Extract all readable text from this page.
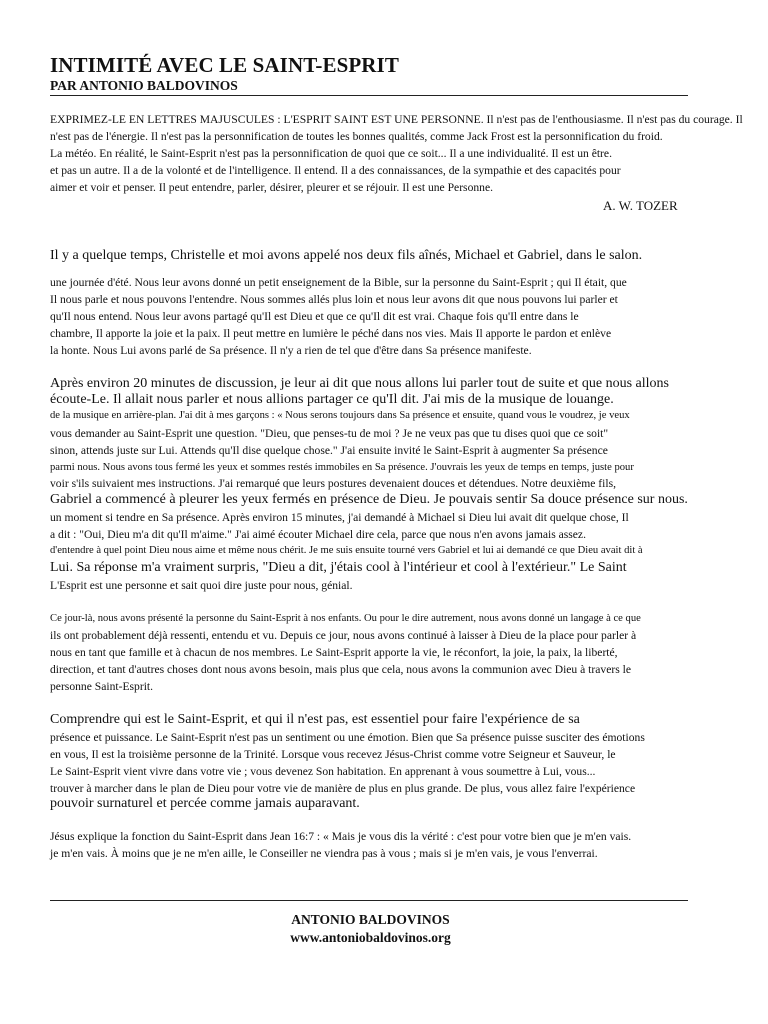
INTIMITÉ AVEC LE SAINT-ESPRIT
PAR ANTONIO BALDOVINOS
EXPRIMEZ-LE EN LETTRES MAJUSCULES : L'ESPRIT SAINT EST UNE PERSONNE. Il n'est pas de l'enthousiasme. Il n'est pas du courage. Il
n'est pas de l'énergie. Il n'est pas la personnification de toutes les bonnes qualités, comme Jack Frost est la personnification du froid.
La météo. En réalité, le Saint-Esprit n'est pas la personnification de quoi que ce soit... Il a une individualité. Il est un être.
et pas un autre. Il a de la volonté et de l'intelligence. Il entend. Il a des connaissances, de la sympathie et des capacités pour
aimer et voir et penser. Il peut entendre, parler, désirer, pleurer et se réjouir. Il est une Personne.
A. W. TOZER
Il y a quelque temps, Christelle et moi avons appelé nos deux fils aînés, Michael et Gabriel, dans le salon.
une journée d'été. Nous leur avons donné un petit enseignement de la Bible, sur la personne du Saint-Esprit ; qui Il était, que
Il nous parle et nous pouvons l'entendre. Nous sommes allés plus loin et nous leur avons dit que nous pouvons lui parler et
qu'Il nous entend. Nous leur avons partagé qu'Il est Dieu et que ce qu'Il dit est vrai. Chaque fois qu'Il entre dans le
chambre, Il apporte la joie et la paix. Il peut mettre en lumière le péché dans nos vies. Mais Il apporte le pardon et enlève
la honte. Nous Lui avons parlé de Sa présence. Il n'y a rien de tel que d'être dans Sa présence manifeste.
Après environ 20 minutes de discussion, je leur ai dit que nous allons lui parler tout de suite et que nous allons
écoute-Le. Il allait nous parler et nous allions partager ce qu'Il dit. J'ai mis de la musique de louange.
de la musique en arrière-plan. J'ai dit à mes garçons : « Nous serons toujours dans Sa présence et ensuite, quand vous le voudrez, je veux
vous demander au Saint-Esprit une question. "Dieu, que penses-tu de moi ? Je ne veux pas que tu dises quoi que ce soit"
sinon, attends juste sur Lui. Attends qu'Il dise quelque chose." J'ai ensuite invité le Saint-Esprit à augmenter Sa présence
parmi nous. Nous avons tous fermé les yeux et sommes restés immobiles en Sa présence. J'ouvrais les yeux de temps en temps, juste pour
voir s'ils suivaient mes instructions. J'ai remarqué que leurs postures devenaient douces et détendues. Notre deuxième fils,
Gabriel a commencé à pleurer les yeux fermés en présence de Dieu. Je pouvais sentir Sa douce présence sur nous.
un moment si tendre en Sa présence. Après environ 15 minutes, j'ai demandé à Michael si Dieu lui avait dit quelque chose, Il
a dit : "Oui, Dieu m'a dit qu'Il m'aime." J'ai aimé écouter Michael dire cela, parce que nous n'en avons jamais assez.
d'entendre à quel point Dieu nous aime et même nous chérit. Je me suis ensuite tourné vers Gabriel et lui ai demandé ce que Dieu avait dit à
Lui. Sa réponse m'a vraiment surpris, "Dieu a dit, j'étais cool à l'intérieur et cool à l'extérieur." Le Saint
L'Esprit est une personne et sait quoi dire juste pour nous, génial.
Ce jour-là, nous avons présenté la personne du Saint-Esprit à nos enfants. Ou pour le dire autrement, nous avons donné un langage à ce que
ils ont probablement déjà ressenti, entendu et vu. Depuis ce jour, nous avons continué à laisser à Dieu de la place pour parler à
nous en tant que famille et à chacun de nos membres. Le Saint-Esprit apporte la vie, le réconfort, la joie, la paix, la liberté,
direction, et tant d'autres choses dont nous avons besoin, mais plus que cela, nous avons la communion avec Dieu à travers le
personne Saint-Esprit.
Comprendre qui est le Saint-Esprit, et qui il n'est pas, est essentiel pour faire l'expérience de sa
présence et puissance. Le Saint-Esprit n'est pas un sentiment ou une émotion. Bien que Sa présence puisse susciter des émotions
en vous, Il est la troisième personne de la Trinité. Lorsque vous recevez Jésus-Christ comme votre Seigneur et Sauveur, le
Le Saint-Esprit vient vivre dans votre vie ; vous devenez Son habitation. En apprenant à vous soumettre à Lui, vous...
trouver à marcher dans le plan de Dieu pour votre vie de manière de plus en plus grande. De plus, vous allez faire l'expérience
pouvoir surnaturel et percée comme jamais auparavant.
Jésus explique la fonction du Saint-Esprit dans Jean 16:7 : « Mais je vous dis la vérité : c'est pour votre bien que je m'en vais.
je m'en vais. À moins que je ne m'en aille, le Conseiller ne viendra pas à vous ; mais si je m'en vais, je vous l'enverrai.
ANTONIO BALDOVINOS
www.antoniobaldovinos.org
